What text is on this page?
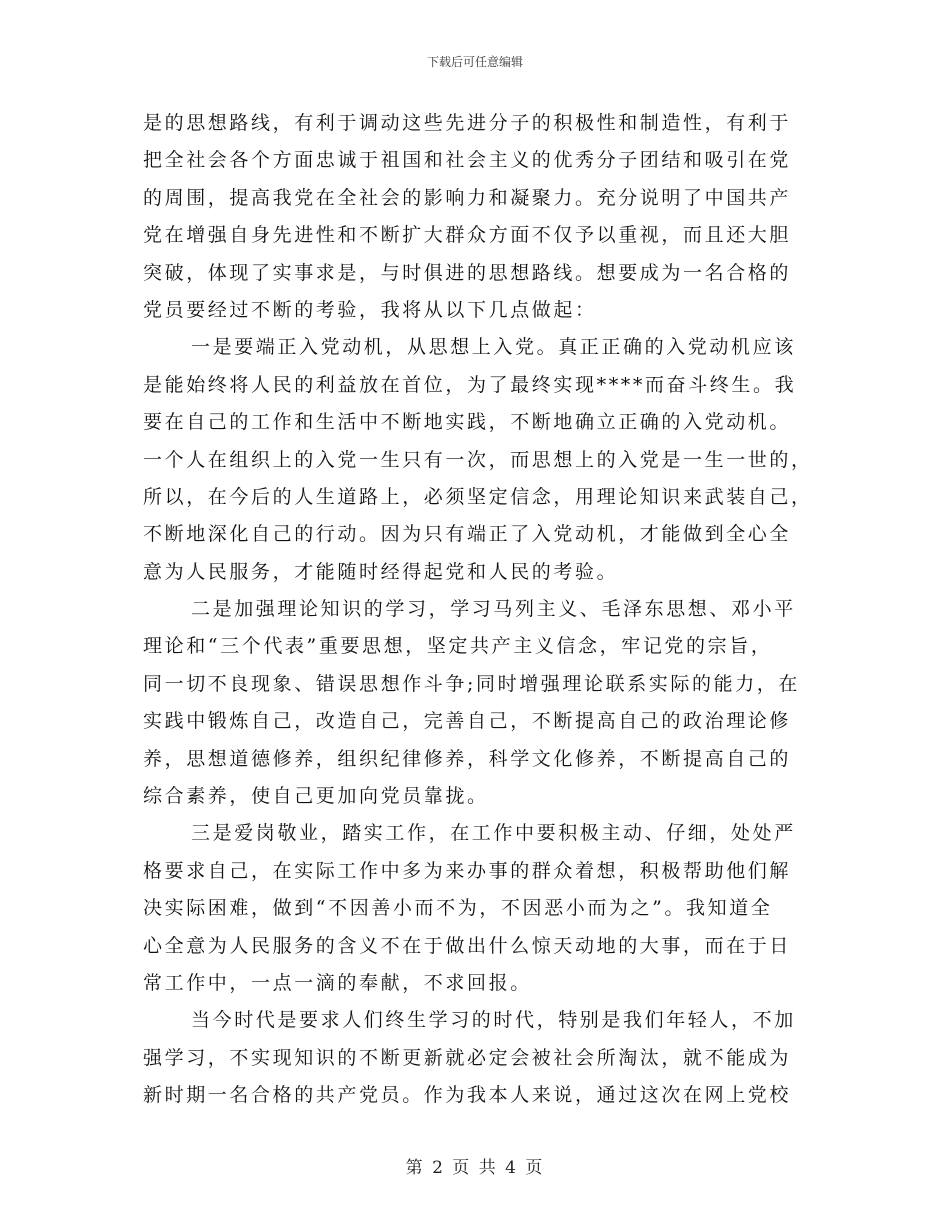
下载后可任意编辑
是的思想路线，有利于调动这些先进分子的积极性和制造性，有利于
把全社会各个方面忠诚于祖国和社会主义的优秀分子团结和吸引在党
的周围，提高我党在全社会的影响力和凝聚力。充分说明了中国共产
党在增强自身先进性和不断扩大群众方面不仅予以重视，而且还大胆
突破，体现了实事求是，与时俱进的思想路线。想要成为一名合格的
党员要经过不断的考验，我将从以下几点做起：
一是要端正入党动机，从思想上入党。真正正确的入党动机应该
是能始终将人民的利益放在首位，为了最终实现****而奋斗终生。我
要在自己的工作和生活中不断地实践，不断地确立正确的入党动机。
一个人在组织上的入党一生只有一次，而思想上的入党是一生一世的，
所以，在今后的人生道路上，必须坚定信念，用理论知识来武装自己，
不断地深化自己的行动。因为只有端正了入党动机，才能做到全心全
意为人民服务，才能随时经得起党和人民的考验。
二是加强理论知识的学习，学习马列主义、毛泽东思想、邓小平
理论和“三个代表”重要思想，坚定共产主义信念，牢记党的宗旨，
同一切不良现象、错误思想作斗争;同时增强理论联系实际的能力，在
实践中锻炼自己，改造自己，完善自己，不断提高自己的政治理论修
养，思想道德修养，组织纪律修养，科学文化修养，不断提高自己的
综合素养，使自己更加向党员靠拢。
三是爱岗敬业，踏实工作，在工作中要积极主动、仔细，处处严
格要求自己，在实际工作中多为来办事的群众着想，积极帮助他们解
决实际困难，做到“不因善小而不为，不因恶小而为之”。我知道全
心全意为人民服务的含义不在于做出什么惊天动地的大事，而在于日
常工作中，一点一滴的奉献，不求回报。
当今时代是要求人们终生学习的时代，特别是我们年轻人，不加
强学习，不实现知识的不断更新就必定会被社会所淘汰，就不能成为
新时期一名合格的共产党员。作为我本人来说，通过这次在网上党校
第 2 页 共 4 页
